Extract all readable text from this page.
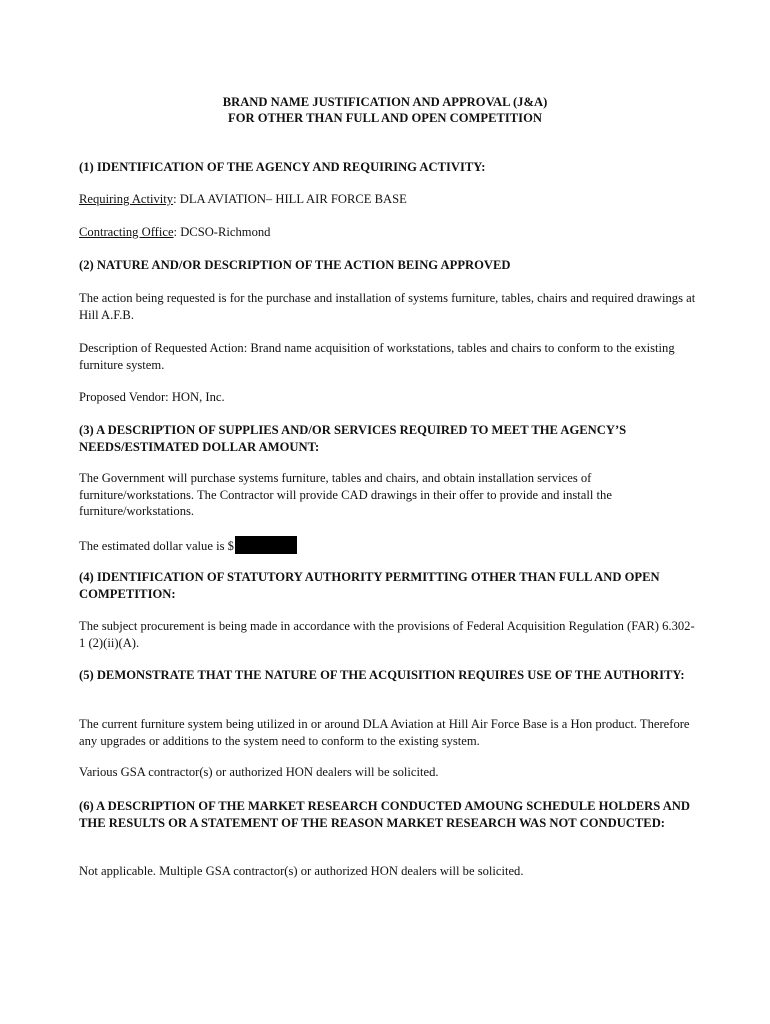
BRAND NAME JUSTIFICATION AND APPROVAL (J&A)
FOR OTHER THAN FULL AND OPEN COMPETITION
(1) IDENTIFICATION OF THE AGENCY AND REQUIRING ACTIVITY:
Requiring Activity: DLA AVIATION– HILL AIR FORCE BASE
Contracting Office: DCSO-Richmond
(2) NATURE AND/OR DESCRIPTION OF THE ACTION BEING APPROVED
The action being requested is for the purchase and installation of systems furniture, tables, chairs and required drawings at Hill A.F.B.
Description of Requested Action: Brand name acquisition of workstations, tables and chairs to conform to the existing furniture system.
Proposed Vendor: HON, Inc.
(3) A DESCRIPTION OF SUPPLIES AND/OR SERVICES REQUIRED TO MEET THE AGENCY’S NEEDS/ESTIMATED DOLLAR AMOUNT:
The Government will purchase systems furniture, tables and chairs, and obtain installation services of furniture/workstations. The Contractor will provide CAD drawings in their offer to provide and install the furniture/workstations.
The estimated dollar value is $
(4) IDENTIFICATION OF STATUTORY AUTHORITY PERMITTING OTHER THAN FULL AND OPEN COMPETITION:
The subject procurement is being made in accordance with the provisions of Federal Acquisition Regulation (FAR) 6.302-1 (2)(ii)(A).
(5) DEMONSTRATE THAT THE NATURE OF THE ACQUISITION REQUIRES USE OF THE AUTHORITY:
The current furniture system being utilized in or around DLA Aviation at Hill Air Force Base is a Hon product. Therefore any upgrades or additions to the system need to conform to the existing system.
Various GSA contractor(s) or authorized HON dealers will be solicited.
(6) A DESCRIPTION OF THE MARKET RESEARCH CONDUCTED AMOUNG SCHEDULE HOLDERS AND THE RESULTS OR A STATEMENT OF THE REASON MARKET RESEARCH WAS NOT CONDUCTED:
Not applicable. Multiple GSA contractor(s) or authorized HON dealers will be solicited.
